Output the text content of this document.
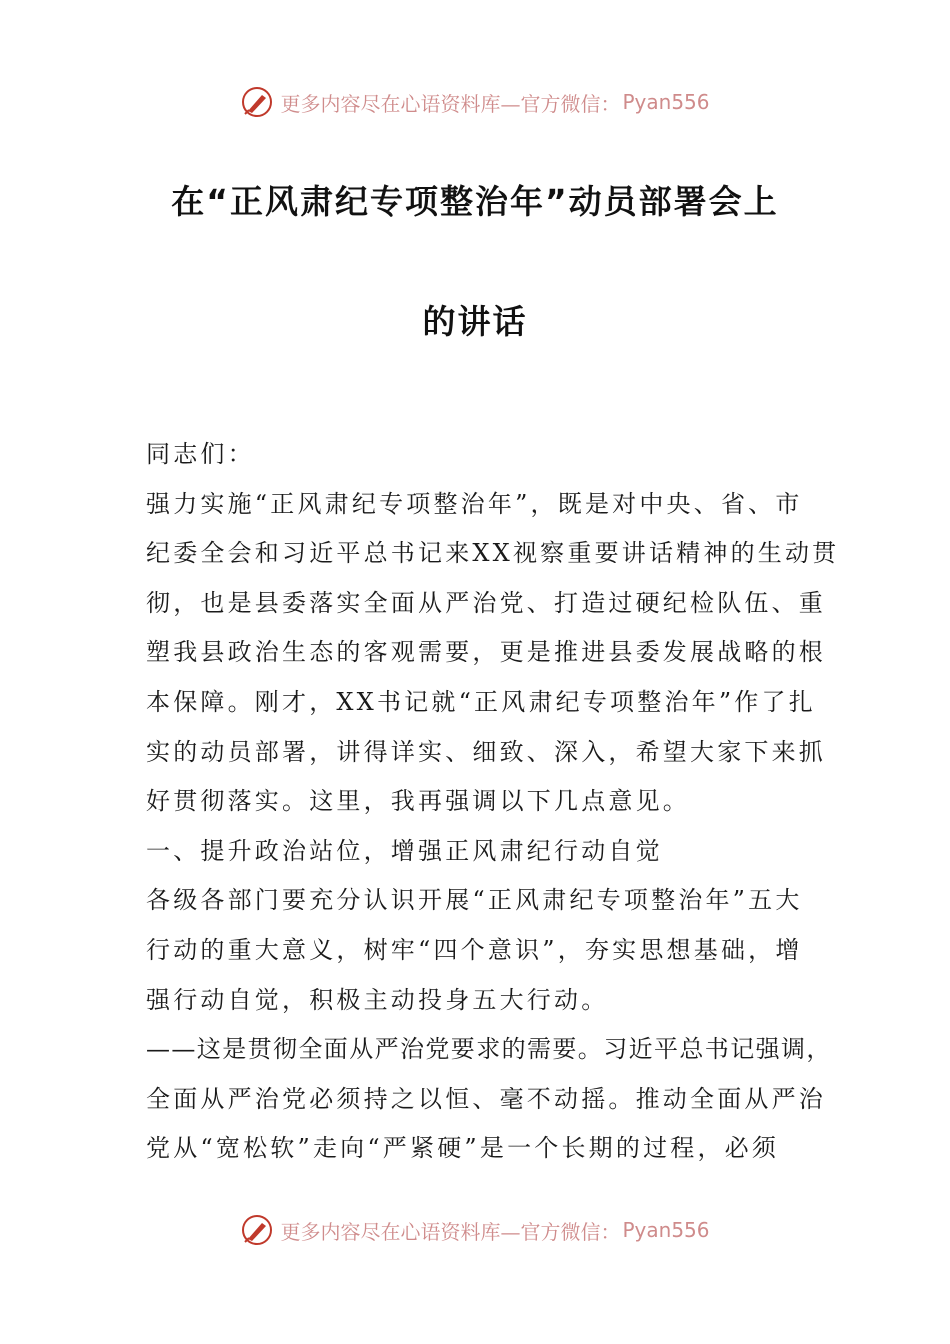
更多内容尽在心语资料库—官方微信： Pyan556
在“正风肃纪专项整治年”动员部署会上
的讲话
同志们：
强力实施“正风肃纪专项整治年”，既是对中央、省、市
纪委全会和习近平总书记来XX视察重要讲话精神的生动贯
彻，也是县委落实全面从严治党、打造过硬纪检队伍、重
塑我县政治生态的客观需要，更是推进县委发展战略的根
本保障。刚才，XX书记就“正风肃纪专项整治年”作了扎
实的动员部署，讲得详实、细致、深入，希望大家下来抓
好贯彻落实。这里，我再强调以下几点意见。
一、提升政治站位，增强正风肃纪行动自觉
各级各部门要充分认识开展“正风肃纪专项整治年”五大
行动的重大意义，树牢“四个意识”，夯实思想基础，增
强行动自觉，积极主动投身五大行动。
——这是贯彻全面从严治党要求的需要。习近平总书记强调，
全面从严治党必须持之以恒、毫不动摇。推动全面从严治
党从“宽松软”走向“严紧硬”是一个长期的过程，必须
更多内容尽在心语资料库—官方微信： Pyan556
